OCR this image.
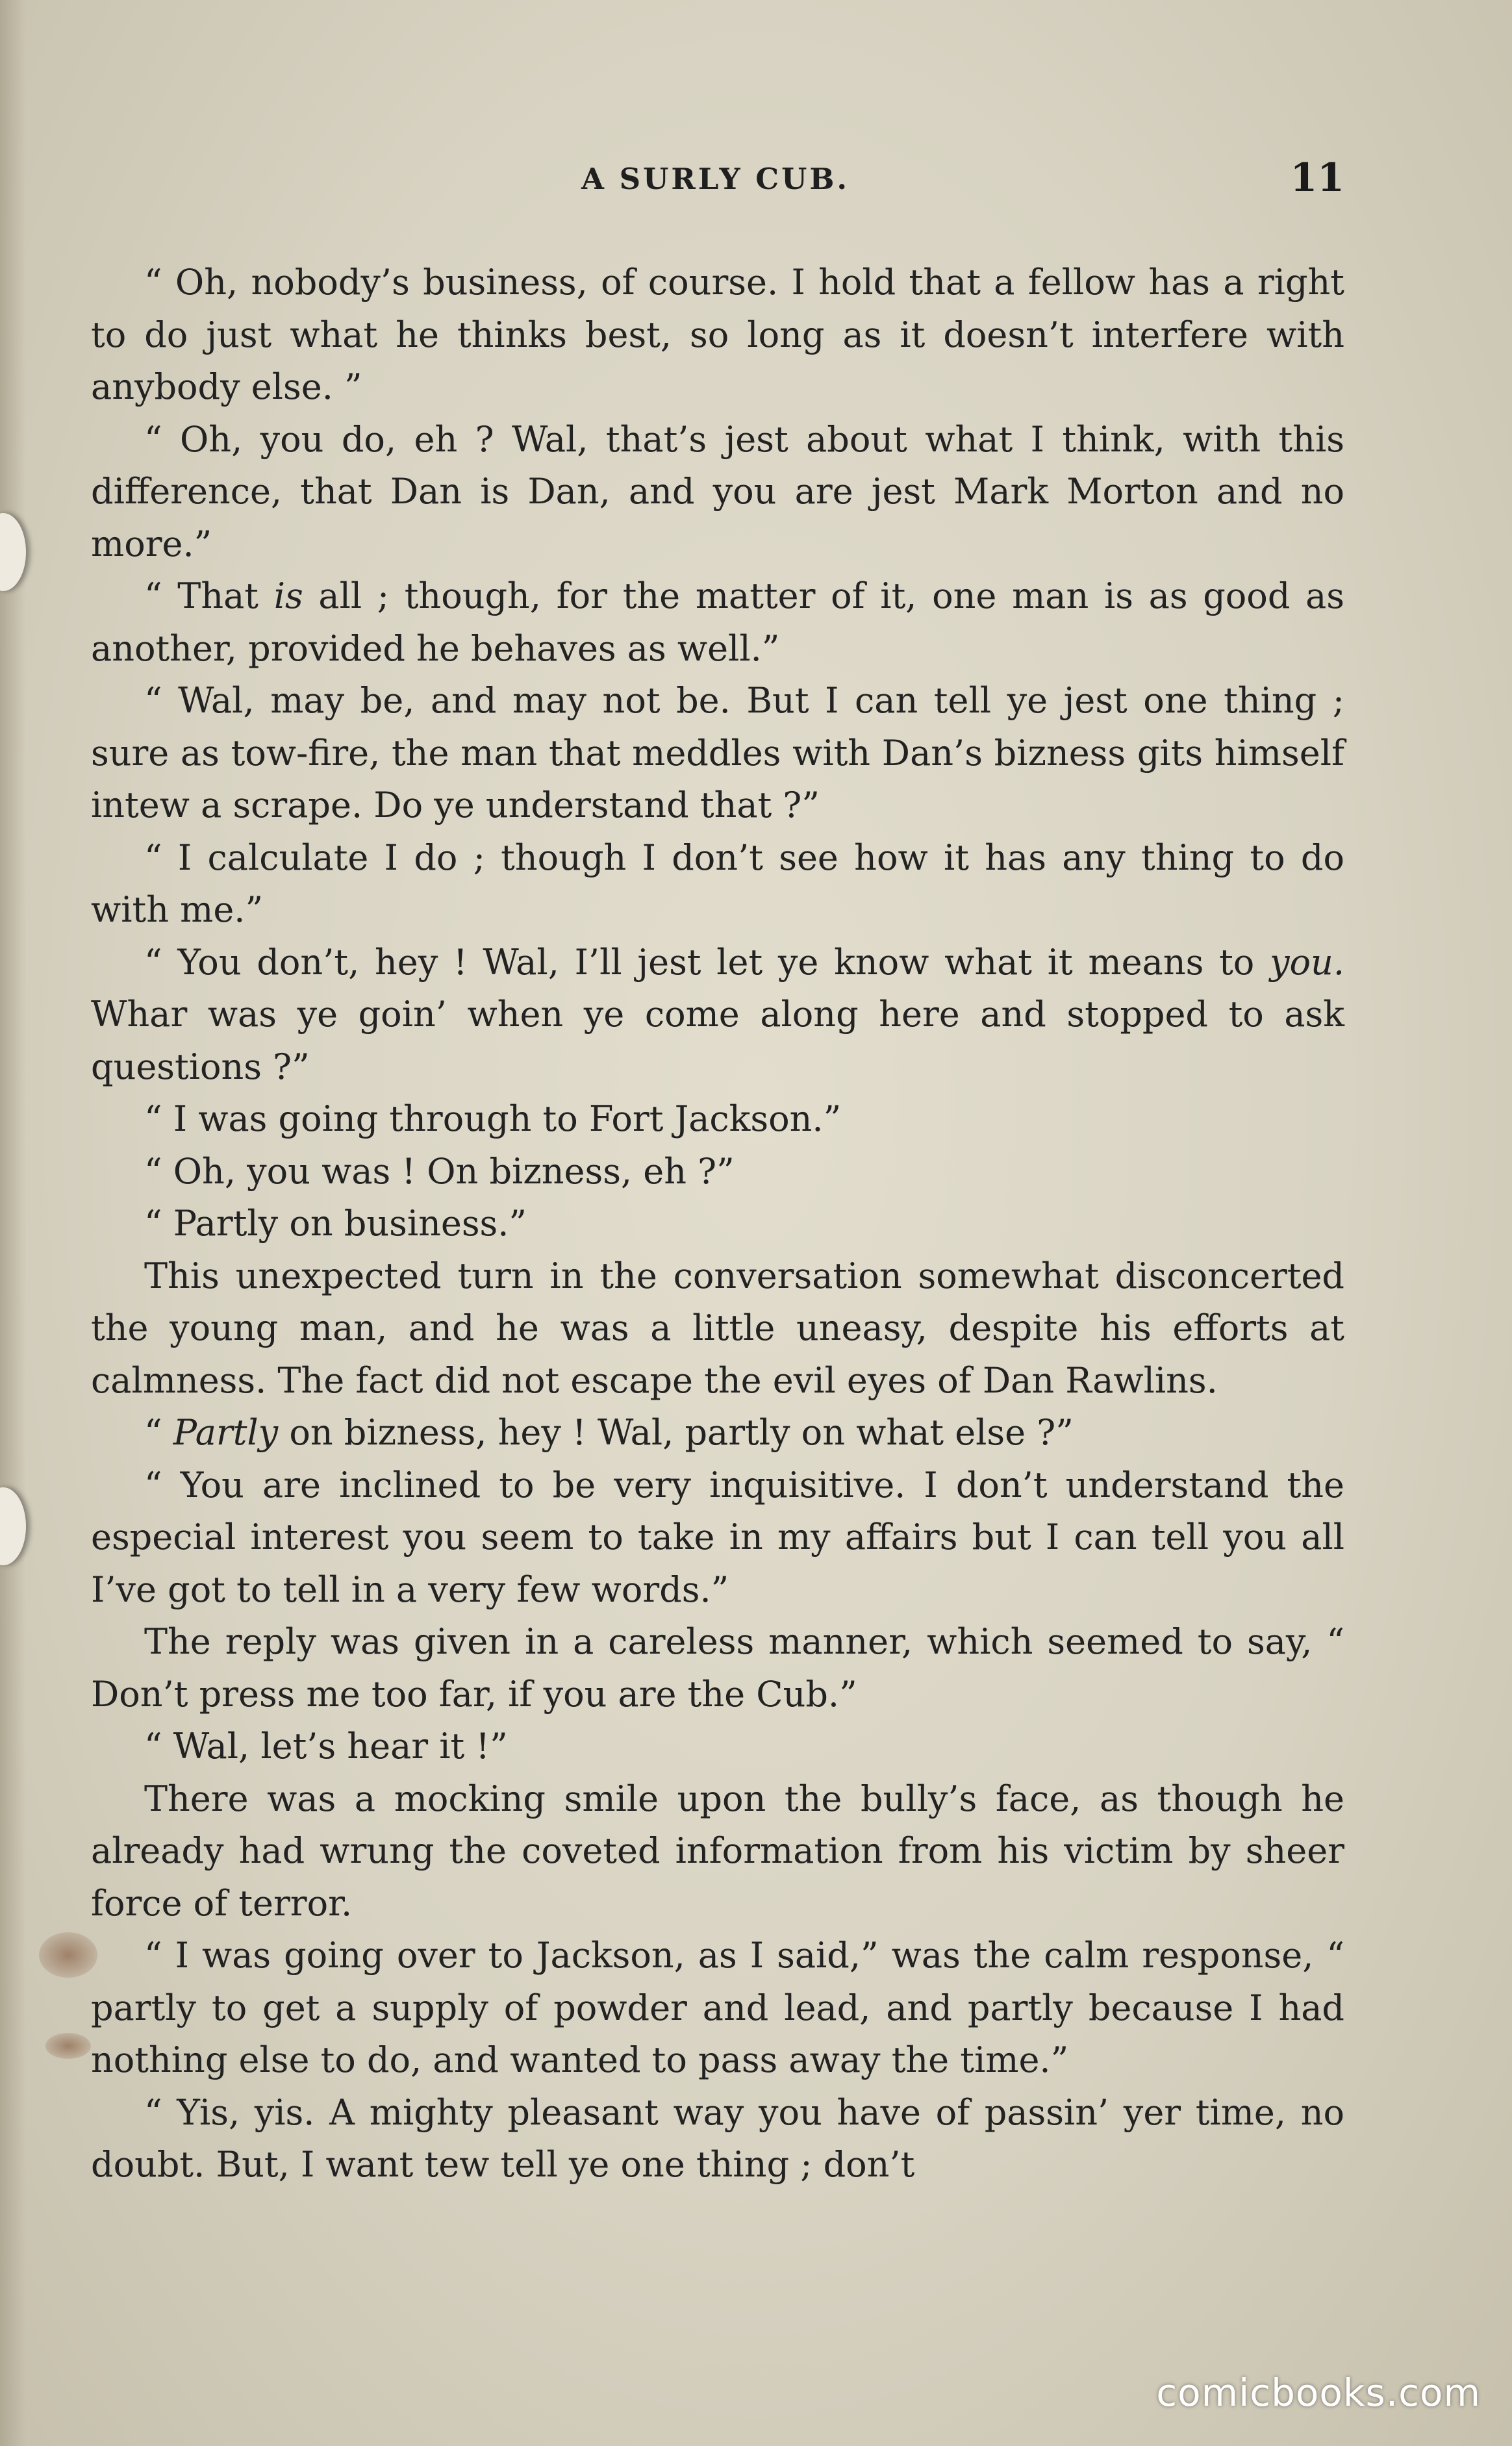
A SURLY CUB.	11

“ Oh, nobody’s business, of course. I hold that a fellow has a right to do just what he thinks best, so long as it doesn’t interfere with anybody else. ”

“ Oh, you do, eh ? Wal, that’s jest about what I think, with this difference, that Dan is Dan, and you are jest Mark Morton and no more.”

“ That is all ; though, for the matter of it, one man is as good as another, provided he behaves as well.”

“ Wal, may be, and may not be. But I can tell ye jest one thing ; sure as tow-fire, the man that meddles with Dan’s bizness gits himself intew a scrape. Do ye understand that ?”

“ I calculate I do ; though I don’t see how it has any thing to do with me.”

“ You don’t, hey ! Wal, I’ll jest let ye know what it means to you. Whar was ye goin’ when ye come along here and stopped to ask questions ?”

“ I was going through to Fort Jackson.”

“ Oh, you was ! On bizness, eh ?”

“ Partly on business.”

This unexpected turn in the conversation somewhat disconcerted the young man, and he was a little uneasy, despite his efforts at calmness. The fact did not escape the evil eyes of Dan Rawlins.

“ Partly on bizness, hey ! Wal, partly on what else ?”

“ You are inclined to be very inquisitive. I don’t understand the especial interest you seem to take in my affairs but I can tell you all I’ve got to tell in a very few words.”

The reply was given in a careless manner, which seemed to say, “ Don’t press me too far, if you are the Cub.”

“ Wal, let’s hear it !”

There was a mocking smile upon the bully’s face, as though he already had wrung the coveted information from his victim by sheer force of terror.

“ I was going over to Jackson, as I said,” was the calm response, “ partly to get a supply of powder and lead, and partly because I had nothing else to do, and wanted to pass away the time.”

“ Yis, yis. A mighty pleasant way you have of passin’ yer time, no doubt. But, I want tew tell ye one thing ; don’t

comicbooks.com
